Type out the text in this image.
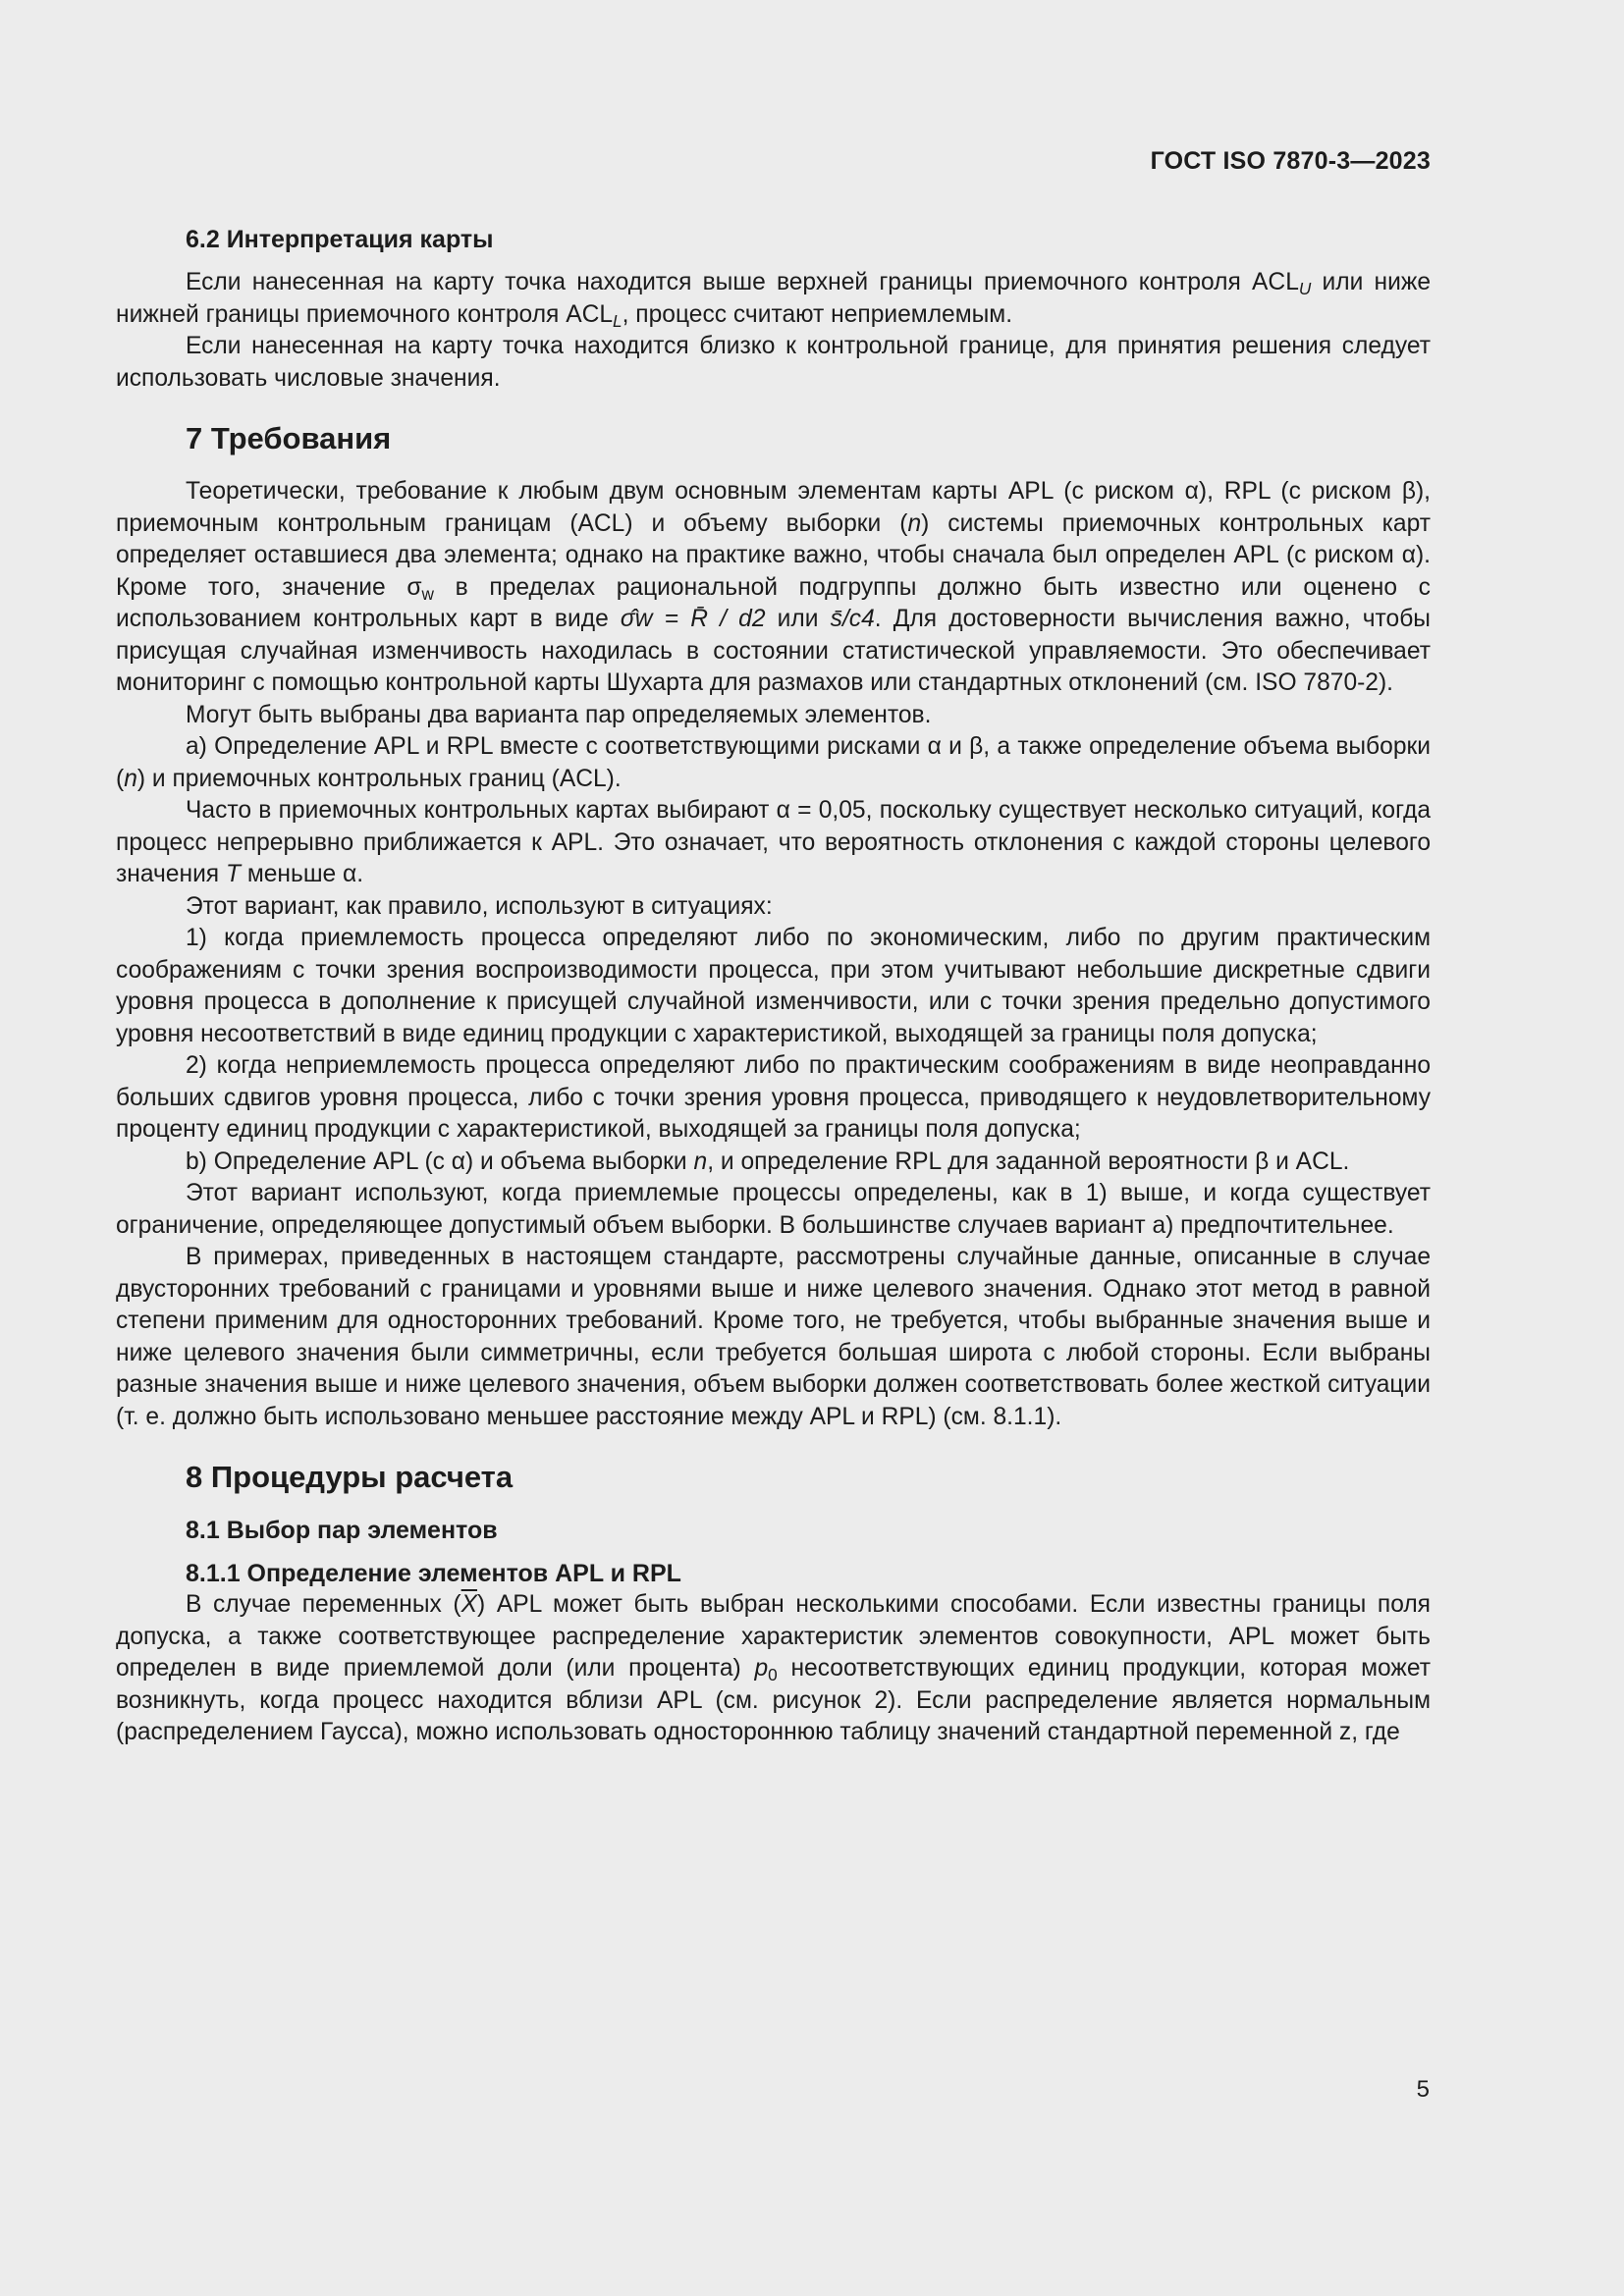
ГОСТ ISO 7870-3—2023
6.2 Интерпретация карты

Если нанесенная на карту точка находится выше верхней границы приемочного контроля $ACL_U$ или ниже нижней границы приемочного контроля $ACL_L$, процесс считают неприемлемым.

Если нанесенная на карту точка находится близко к контрольной границе, для принятия решения следует использовать числовые значения.

7 Требования

Теоретически, требование к любым двум основным элементам карты APL (с риском α), RPL (с риском β), приемочным контрольным границам (ACL) и объему выборки (n) системы приемочных контрольных карт определяет оставшиеся два элемента; однако на практике важно, чтобы сначала был определен APL (с риском α). Кроме того, значение $\sigma_w$ в пределах рациональной подгруппы должно быть известно или оценено с использованием контрольных карт в виде σ̂w = R̄ / d2 или s̄/c4. Для достоверности вычисления важно, чтобы присущая случайная изменчивость находилась в состоянии статистической управляемости. Это обеспечивает мониторинг с помощью контрольной карты Шухарта для размахов или стандартных отклонений (см. ISO 7870-2).

Могут быть выбраны два варианта пар определяемых элементов.

а) Определение APL и RPL вместе с соответствующими рисками α и β, а также определение объема выборки (n) и приемочных контрольных границ (ACL).

Часто в приемочных контрольных картах выбирают α = 0,05, поскольку существует несколько ситуаций, когда процесс непрерывно приближается к APL. Это означает, что вероятность отклонения с каждой стороны целевого значения T меньше α.

Этот вариант, как правило, используют в ситуациях:

1) когда приемлемость процесса определяют либо по экономическим, либо по другим практическим соображениям с точки зрения воспроизводимости процесса, при этом учитывают небольшие дискретные сдвиги уровня процесса в дополнение к присущей случайной изменчивости, или с точки зрения предельно допустимого уровня несоответствий в виде единиц продукции с характеристикой, выходящей за границы поля допуска;

2) когда неприемлемость процесса определяют либо по практическим соображениям в виде неоправданно больших сдвигов уровня процесса, либо с точки зрения уровня процесса, приводящего к неудовлетворительному проценту единиц продукции с характеристикой, выходящей за границы поля допуска;

b) Определение APL (с α) и объема выборки n, и определение RPL для заданной вероятности β и ACL.

Этот вариант используют, когда приемлемые процессы определены, как в 1) выше, и когда существует ограничение, определяющее допустимый объем выборки. В большинстве случаев вариант а) предпочтительнее.

В примерах, приведенных в настоящем стандарте, рассмотрены случайные данные, описанные в случае двусторонних требований с границами и уровнями выше и ниже целевого значения. Однако этот метод в равной степени применим для односторонних требований. Кроме того, не требуется, чтобы выбранные значения выше и ниже целевого значения были симметричны, если требуется большая широта с любой стороны. Если выбраны разные значения выше и ниже целевого значения, объем выборки должен соответствовать более жесткой ситуации (т. е. должно быть использовано меньшее расстояние между APL и RPL) (см. 8.1.1).

8 Процедуры расчета
8.1 Выбор пар элементов
8.1.1 Определение элементов APL и RPL

В случае переменных $(\overline{X})$ APL может быть выбран несколькими способами. Если известны границы поля допуска, а также соответствующее распределение характеристик элементов совокупности, APL может быть определен в виде приемлемой доли (или процента) $p_0$ несоответствующих единиц продукции, которая может возникнуть, когда процесс находится вблизи APL (см. рисунок 2). Если распределение является нормальным (распределением Гаусса), можно использовать одностороннюю таблицу значений стандартной переменной z, где

5
